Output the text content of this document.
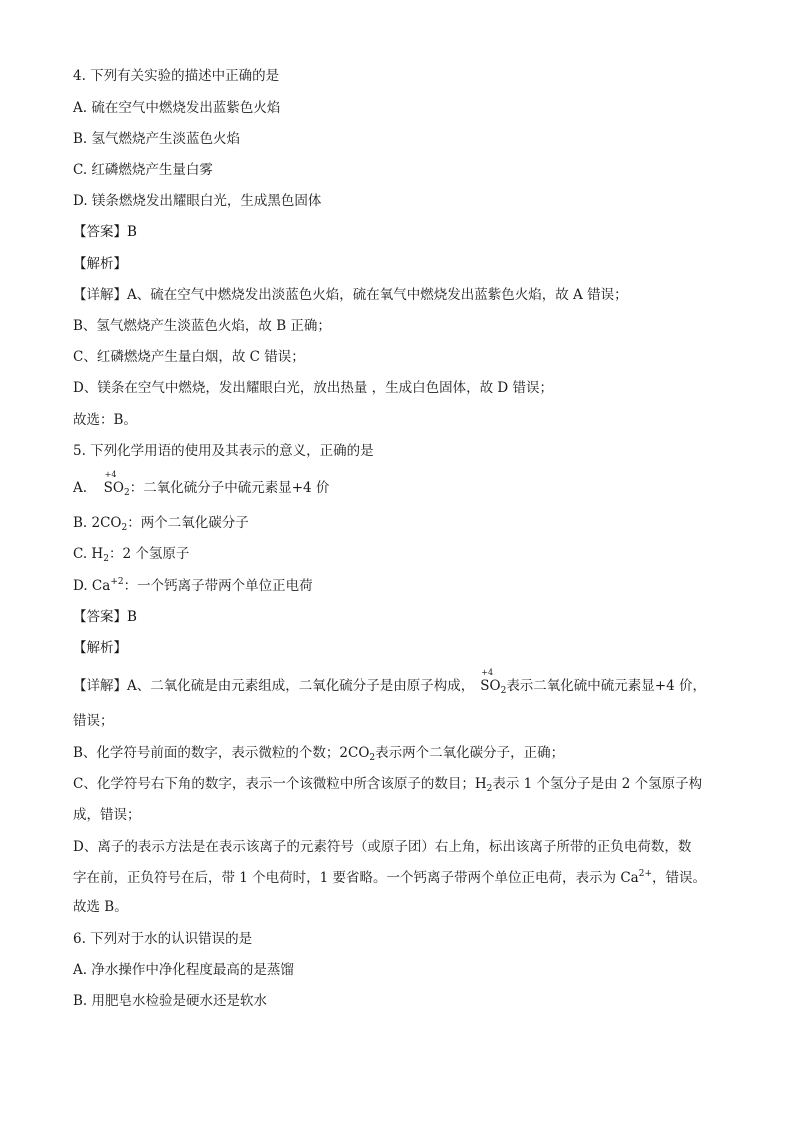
4. 下列有关实验的描述中正确的是
A. 硫在空气中燃烧发出蓝紫色火焰
B. 氢气燃烧产生淡蓝色火焰
C. 红磷燃烧产生量白雾
D. 镁条燃烧发出耀眼白光，生成黑色固体
【答案】B
【解析】
【详解】A、硫在空气中燃烧发出淡蓝色火焰，硫在氧气中燃烧发出蓝紫色火焰，故 A 错误；
B、氢气燃烧产生淡蓝色火焰，故 B 正确；
C、红磷燃烧产生量白烟，故 C 错误；
D、镁条在空气中燃烧，发出耀眼白光，放出热量 ，生成白色固体，故 D 错误；
故选：B。
5. 下列化学用语的使用及其表示的意义，正确的是
A.
+4
$SO_2$：二氧化硫分子中硫元素显+4 价
B. $2CO_2$：两个二氧化碳分子
C. $H_2$：2 个氢原子
D. $Ca^{+2}$：一个钙离子带两个单位正电荷
【答案】B
【解析】
【详解】A、二氧化硫是由元素组成，二氧化硫分子是由原子构成，
+4
$SO_2$表示二氧化硫中硫元素显+4 价，
错误；
B、化学符号前面的数字，表示微粒的个数；$2CO_2$表示两个二氧化碳分子，正确；
C、化学符号右下角的数字，表示一个该微粒中所含该原子的数目；$H_2$表示 1 个氢分子是由 2 个氢原子构
成，错误；
D、离子的表示方法是在表示该离子的元素符号（或原子团）右上角，标出该离子所带的正负电荷数，数
字在前，正负符号在后，带 1 个电荷时，1 要省略。一个钙离子带两个单位正电荷，表示为 $Ca^{2+}$，错误。
故选 B。
6. 下列对于水的认识错误的是
A. 净水操作中净化程度最高的是蒸馏
B. 用肥皂水检验是硬水还是软水
